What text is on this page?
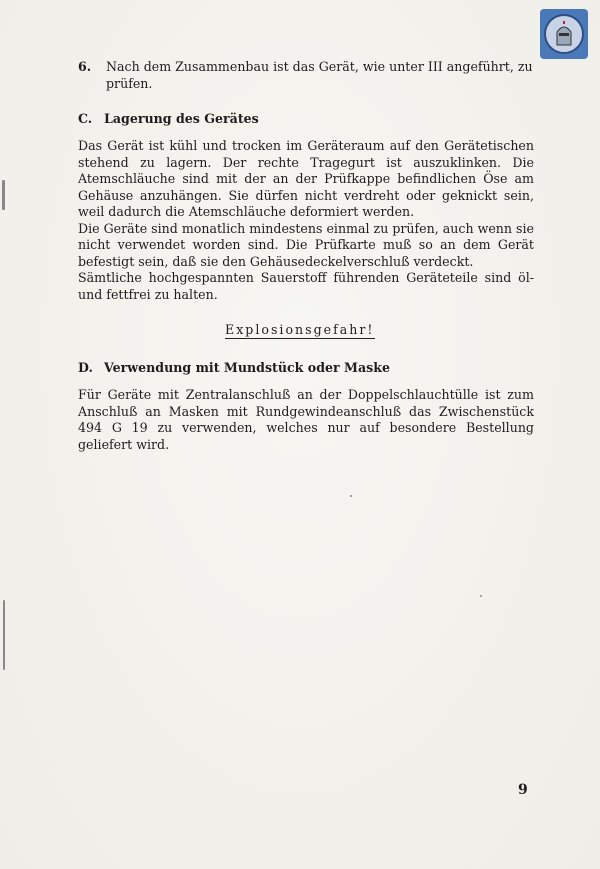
6. Nach dem Zusammenbau ist das Gerät, wie unter III angeführt, zu prüfen.
C. Lagerung des Gerätes

Das Gerät ist kühl und trocken im Geräteraum auf den Gerätetischen stehend zu lagern. Der rechte Tragegurt ist auszuklinken. Die Atemschläuche sind mit der an der Prüfkappe befindlichen Öse am Gehäuse anzuhängen. Sie dürfen nicht verdreht oder geknickt sein, weil dadurch die Atemschläuche deformiert werden.

Die Geräte sind monatlich mindestens einmal zu prüfen, auch wenn sie nicht verwendet worden sind. Die Prüfkarte muß so an dem Gerät befestigt sein, daß sie den Gehäusedeckelverschluß verdeckt.

Sämtliche hochgespannten Sauerstoff führenden Geräteteile sind öl- und fettfrei zu halten.

Explosionsgefahr!
D. Verwendung mit Mundstück oder Maske

Für Geräte mit Zentralanschluß an der Doppelschlauchtülle ist zum Anschluß an Masken mit Rundgewindeanschluß das Zwischenstück 494 G 19 zu verwenden, welches nur auf besondere Bestellung geliefert wird.

9
